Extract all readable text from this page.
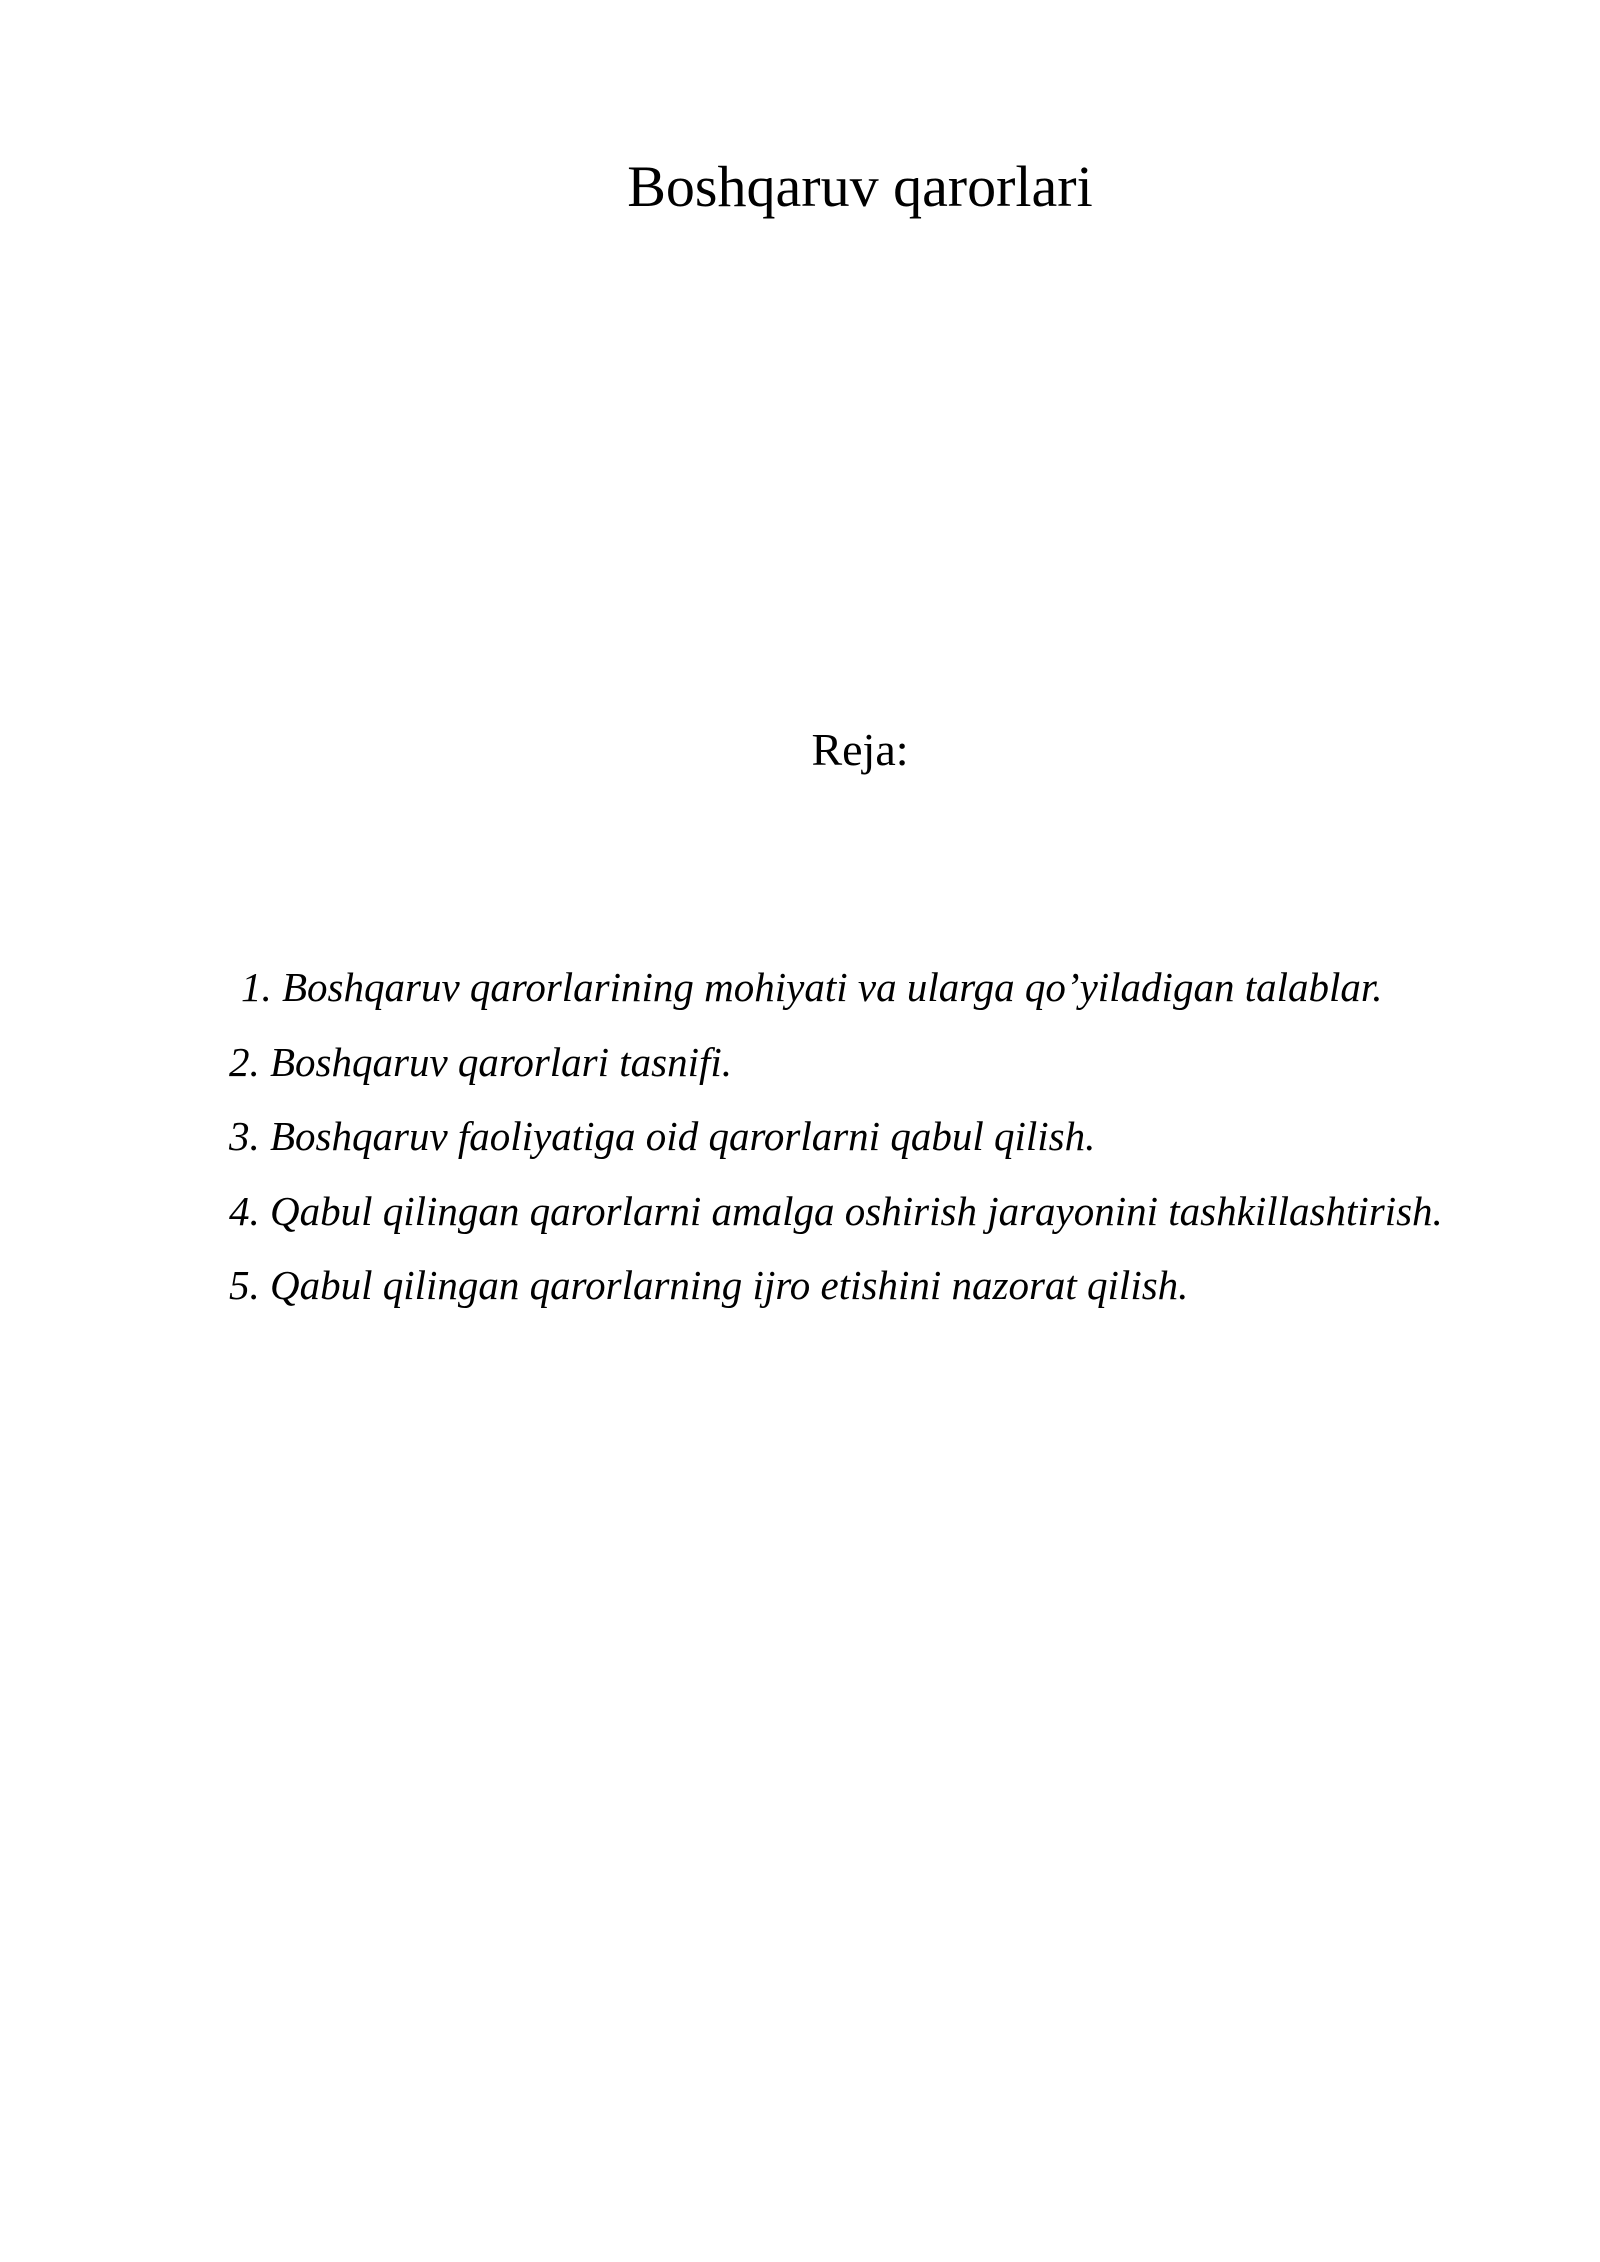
Boshqaruv qarorlari
Reja:
1. Boshqaruv qarorlarining mohiyati va ularga qo’yiladigan talablar.
2. Boshqaruv qarorlari tasnifi.
3. Boshqaruv faoliyatiga oid qarorlarni qabul qilish.
4. Qabul qilingan qarorlarni amalga oshirish jarayonini tashkillashtirish.
5. Qabul qilingan qarorlarning ijro etishini nazorat qilish.
